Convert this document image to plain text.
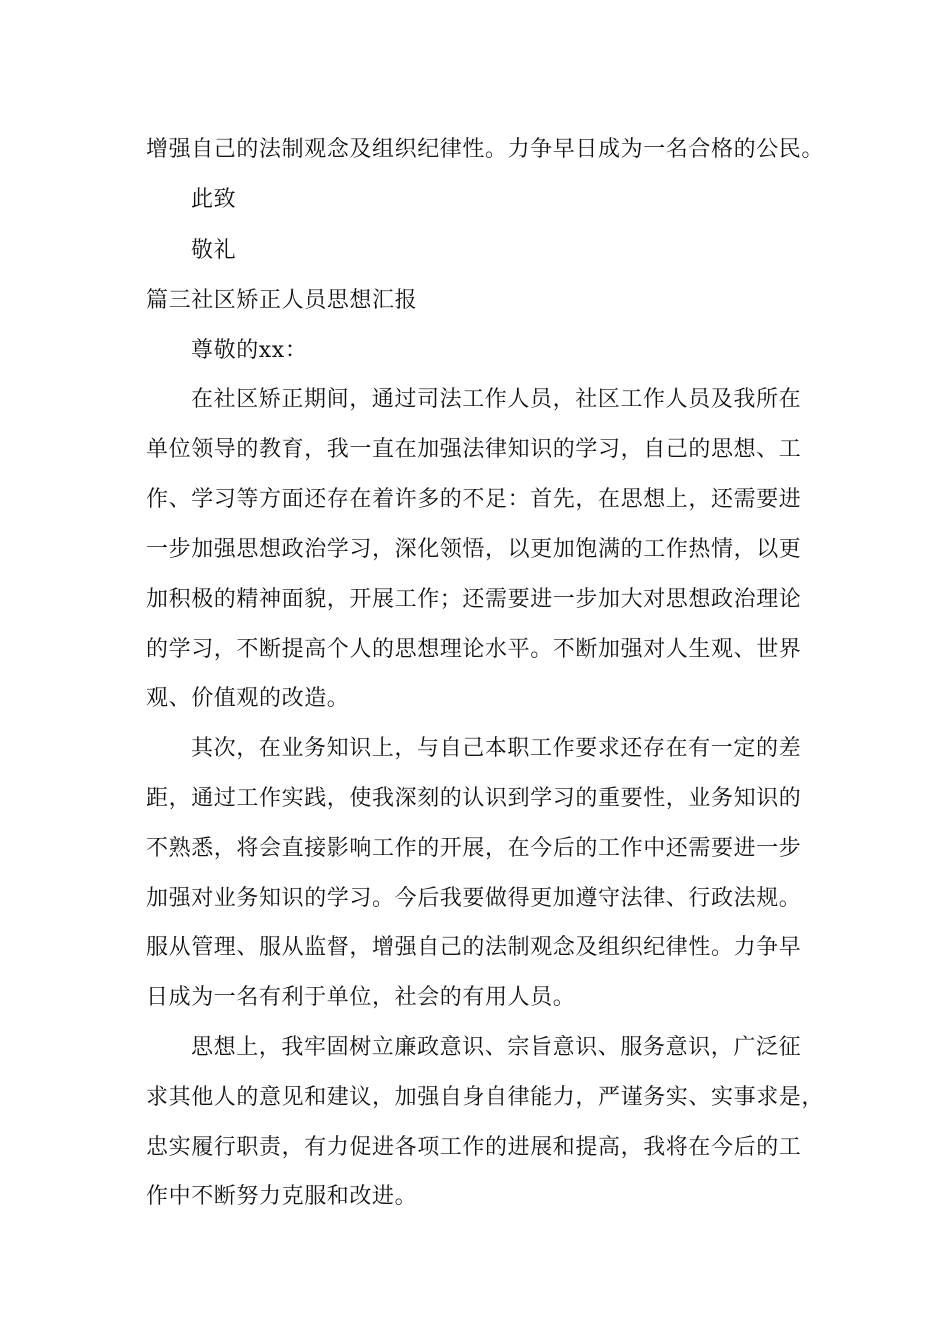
增强自己的法制观念及组织纪律性。力争早日成为一名合格的公民。
此致
敬礼
篇三社区矫正人员思想汇报
尊敬的xx：
在社区矫正期间，通过司法工作人员，社区工作人员及我所在
单位领导的教育，我一直在加强法律知识的学习，自己的思想、工
作、学习等方面还存在着许多的不足：首先，在思想上，还需要进
一步加强思想政治学习，深化领悟，以更加饱满的工作热情，以更
加积极的精神面貌，开展工作；还需要进一步加大对思想政治理论
的学习，不断提高个人的思想理论水平。不断加强对人生观、世界
观、价值观的改造。
其次，在业务知识上，与自己本职工作要求还存在有一定的差
距，通过工作实践，使我深刻的认识到学习的重要性，业务知识的
不熟悉，将会直接影响工作的开展，在今后的工作中还需要进一步
加强对业务知识的学习。今后我要做得更加遵守法律、行政法规。
服从管理、服从监督，增强自己的法制观念及组织纪律性。力争早
日成为一名有利于单位，社会的有用人员。
思想上，我牢固树立廉政意识、宗旨意识、服务意识，广泛征
求其他人的意见和建议，加强自身自律能力，严谨务实、实事求是，
忠实履行职责，有力促进各项工作的进展和提高，我将在今后的工
作中不断努力克服和改进。
